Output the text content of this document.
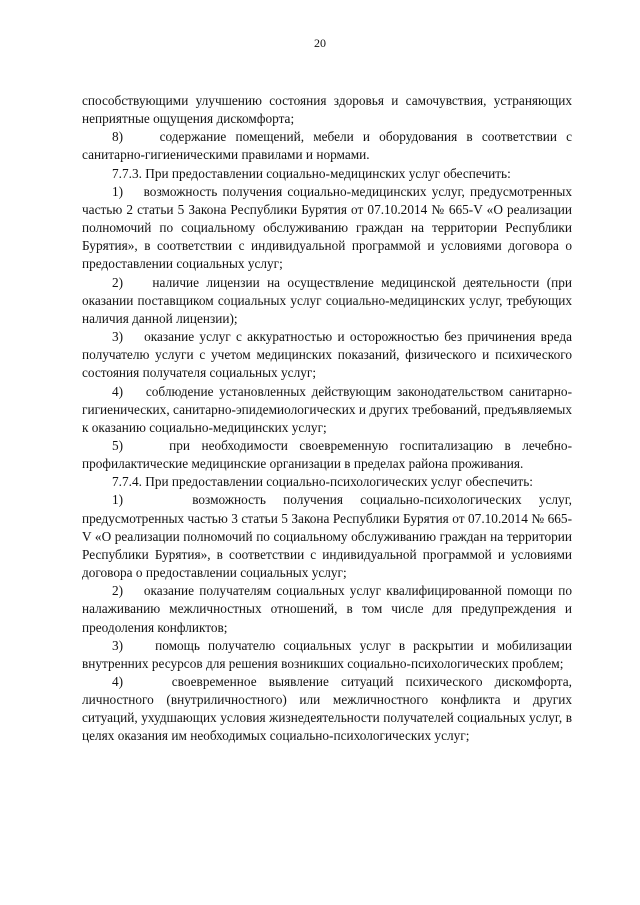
20

способствующими улучшению состояния здоровья и самочувствия, устраняющих неприятные ощущения дискомфорта;

8)    содержание помещений, мебели и оборудования в соответствии с санитарно-гигиеническими правилами и нормами.

7.7.3. При предоставлении социально-медицинских услуг обеспечить:

1)    возможность получения социально-медицинских услуг, предусмотренных частью 2 статьи 5 Закона Республики Бурятия от 07.10.2014 № 665-V «О реализации полномочий по социальному обслуживанию граждан на территории Республики Бурятия», в соответствии с индивидуальной программой и условиями договора о предоставлении социальных услуг;

2)    наличие лицензии на осуществление медицинской деятельности (при оказании поставщиком социальных услуг социально-медицинских услуг, требующих наличия данной лицензии);

3)    оказание услуг с аккуратностью и осторожностью без причинения вреда получателю услуги с учетом медицинских показаний, физического и психического состояния получателя социальных услуг;

4)    соблюдение установленных действующим законодательством санитарно-гигиенических, санитарно-эпидемиологических и других требований, предъявляемых к оказанию социально-медицинских услуг;

5)    при необходимости своевременную госпитализацию в лечебно-профилактические медицинские организации в пределах района проживания.

7.7.4. При предоставлении социально-психологических услуг обеспечить:

1)    возможность получения социально-психологических услуг, предусмотренных частью 3 статьи 5 Закона Республики Бурятия от 07.10.2014 № 665-V «О реализации полномочий по социальному обслуживанию граждан на территории Республики Бурятия», в соответствии с индивидуальной программой и условиями договора о предоставлении социальных услуг;

2)    оказание получателям социальных услуг квалифицированной помощи по налаживанию межличностных отношений, в том числе для предупреждения и преодоления конфликтов;

3)    помощь получателю социальных услуг в раскрытии и мобилизации внутренних ресурсов для решения возникших социально-психологических проблем;

4)    своевременное выявление ситуаций психического дискомфорта, личностного (внутриличностного) или межличностного конфликта и других ситуаций, ухудшающих условия жизнедеятельности получателей социальных услуг, в целях оказания им необходимых социально-психологических услуг;
